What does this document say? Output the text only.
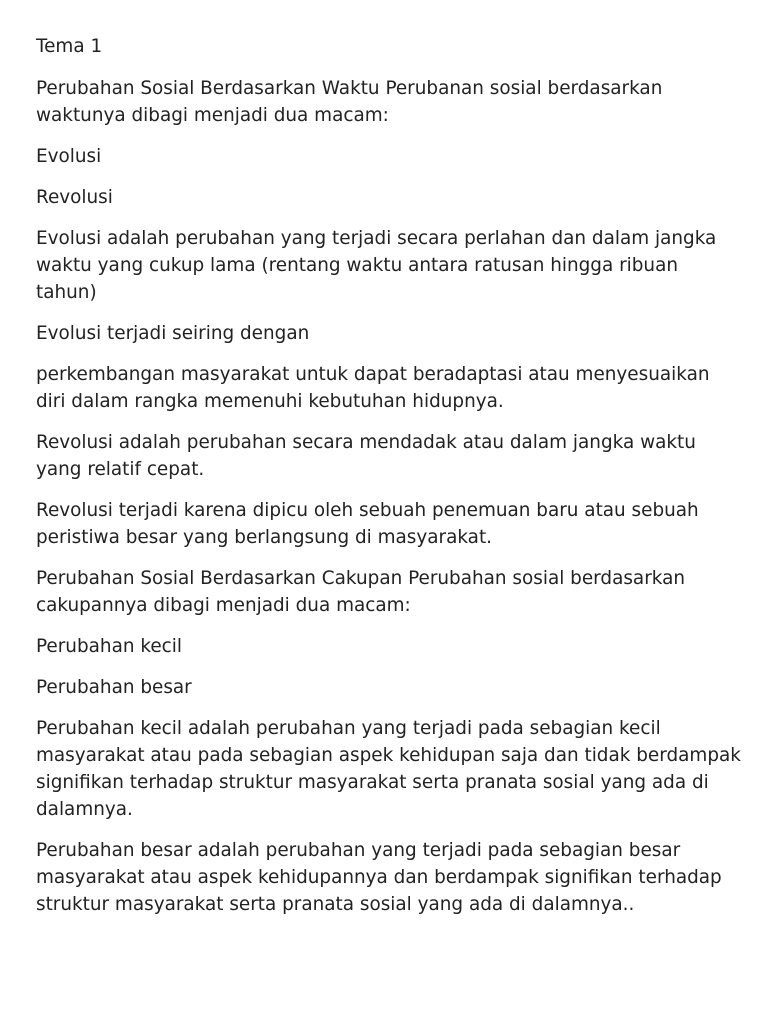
Tema 1

Perubahan Sosial Berdasarkan Waktu Perubanan sosial berdasarkan waktunya dibagi menjadi dua macam:

Evolusi

Revolusi

Evolusi adalah perubahan yang terjadi secara perlahan dan dalam jangka waktu yang cukup lama (rentang waktu antara ratusan hingga ribuan tahun)

Evolusi terjadi seiring dengan

perkembangan masyarakat untuk dapat beradaptasi atau menyesuaikan diri dalam rangka memenuhi kebutuhan hidupnya.

Revolusi adalah perubahan secara mendadak atau dalam jangka waktu yang relatif cepat.

Revolusi terjadi karena dipicu oleh sebuah penemuan baru atau sebuah peristiwa besar yang berlangsung di masyarakat.

Perubahan Sosial Berdasarkan Cakupan Perubahan sosial berdasarkan cakupannya dibagi menjadi dua macam:

Perubahan kecil

Perubahan besar

Perubahan kecil adalah perubahan yang terjadi pada sebagian kecil masyarakat atau pada sebagian aspek kehidupan saja dan tidak berdampak signifikan terhadap struktur masyarakat serta pranata sosial yang ada di dalamnya.

Perubahan besar adalah perubahan yang terjadi pada sebagian besar masyarakat atau aspek kehidupannya dan berdampak signifikan terhadap struktur masyarakat serta pranata sosial yang ada di dalamnya..
